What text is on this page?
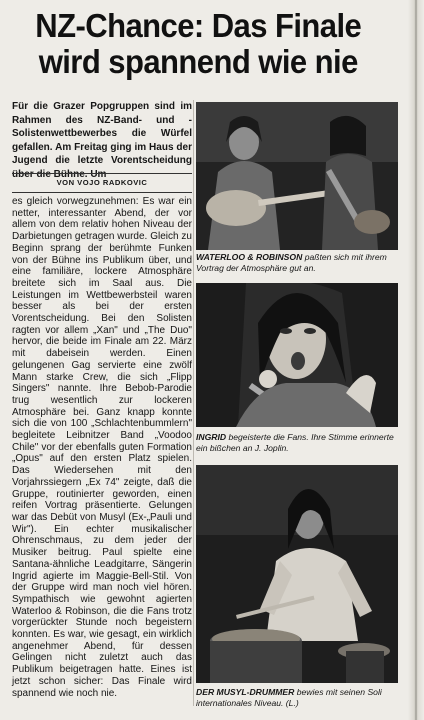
NZ-Chance: Das Finale
wird spannend wie nie

Für die Grazer Popgruppen sind im Rahmen des NZ-Band- und -Solistenwettbewerbes die Würfel gefallen. Am Freitag ging im Haus der Jugend die letzte Vorentscheidung über die Bühne. Um

VON VOJO RADKOVIC

es gleich vorwegzunehmen: Es war ein netter, interessanter Abend, der vor allem von dem relativ hohen Niveau der Darbietungen getragen wurde. Gleich zu Beginn sprang der berühmte Funken von der Bühne ins Publikum über, und eine familiäre, lockere Atmosphäre breitete sich im Saal aus. Die Leistungen im Wettbewerbsteil waren besser als bei der ersten Vorentscheidung. Bei den Solisten ragten vor allem „Xan" und „The Duo" hervor, die beide im Finale am 22. März mit dabeisein werden. Einen gelungenen Gag servierte eine zwölf Mann starke Crew, die sich „Flipp Singers" nannte. Ihre Bebob-Parodie trug wesentlich zur lockeren Atmosphäre bei. Ganz knapp konnte sich die von 100 „Schlachtenbummlern" begleitete Leibnitzer Band „Voodoo Chile" vor der ebenfalls guten Formation „Opus" auf den ersten Platz spielen. Das Wiedersehen mit den Vorjahrssiegern „Ex 74" zeigte, daß die Gruppe, routinierter geworden, einen reifen Vortrag präsentierte. Gelungen war das Debüt von Musyl (Ex-„Pauli und Wir"). Ein echter musikalischer Ohrenschmaus, zu dem jeder der Musiker beitrug. Paul spielte eine Santana-ähnliche Leadgitarre, Sängerin Ingrid agierte im Maggie-Bell-Stil. Von der Gruppe wird man noch viel hören. Sympathisch wie gewohnt agierten Waterloo & Robinson, die die Fans trotz vorgerückter Stunde noch begeistern konnten. Es war, wie gesagt, ein wirklich angenehmer Abend, für dessen Gelingen nicht zuletzt auch das Publikum beigetragen hatte. Eines ist jetzt schon sicher: Das Finale wird spannend wie noch nie.

WATERLOO & ROBINSON paßten sich mit ihrem Vortrag der Atmosphäre gut an.

INGRID begeisterte die Fans. Ihre Stimme erinnerte ein bißchen an J. Joplin.

DER MUSYL-DRUMMER bewies mit seinen Soli internationales Niveau. (L.)
